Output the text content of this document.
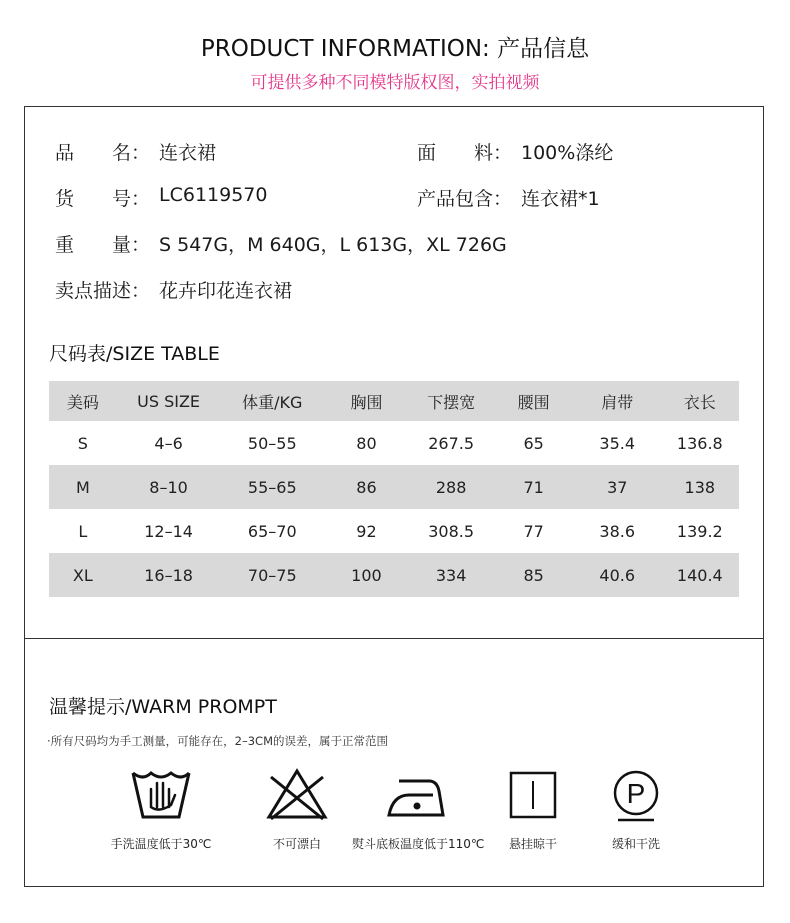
PRODUCT INFORMATION: 产品信息
可提供多种不同模特版权图，实拍视频
品　　名： 连衣裙	面　　料： 100%涤纶
货　　号： LC6119570	产品包含： 连衣裙*1
重　　量： S 547G，M 640G，L 613G，XL 726G
卖点描述： 花卉印花连衣裙
尺码表/SIZE TABLE
美码	US SIZE	体重/KG	胸围	下摆宽	腰围	肩带	衣长
S	4–6	50–55	80	267.5	65	35.4	136.8
M	8–10	55–65	86	288	71	37	138
L	12–14	65–70	92	308.5	77	38.6	139.2
XL	16–18	70–75	100	334	85	40.6	140.4
温馨提示/WARM PROMPT
·所有尺码均为手工测量，可能存在，2–3CM的误差，属于正常范围
手洗温度低于30℃	不可漂白	熨斗底板温度低于110℃	悬挂晾干
P
缓和干洗
